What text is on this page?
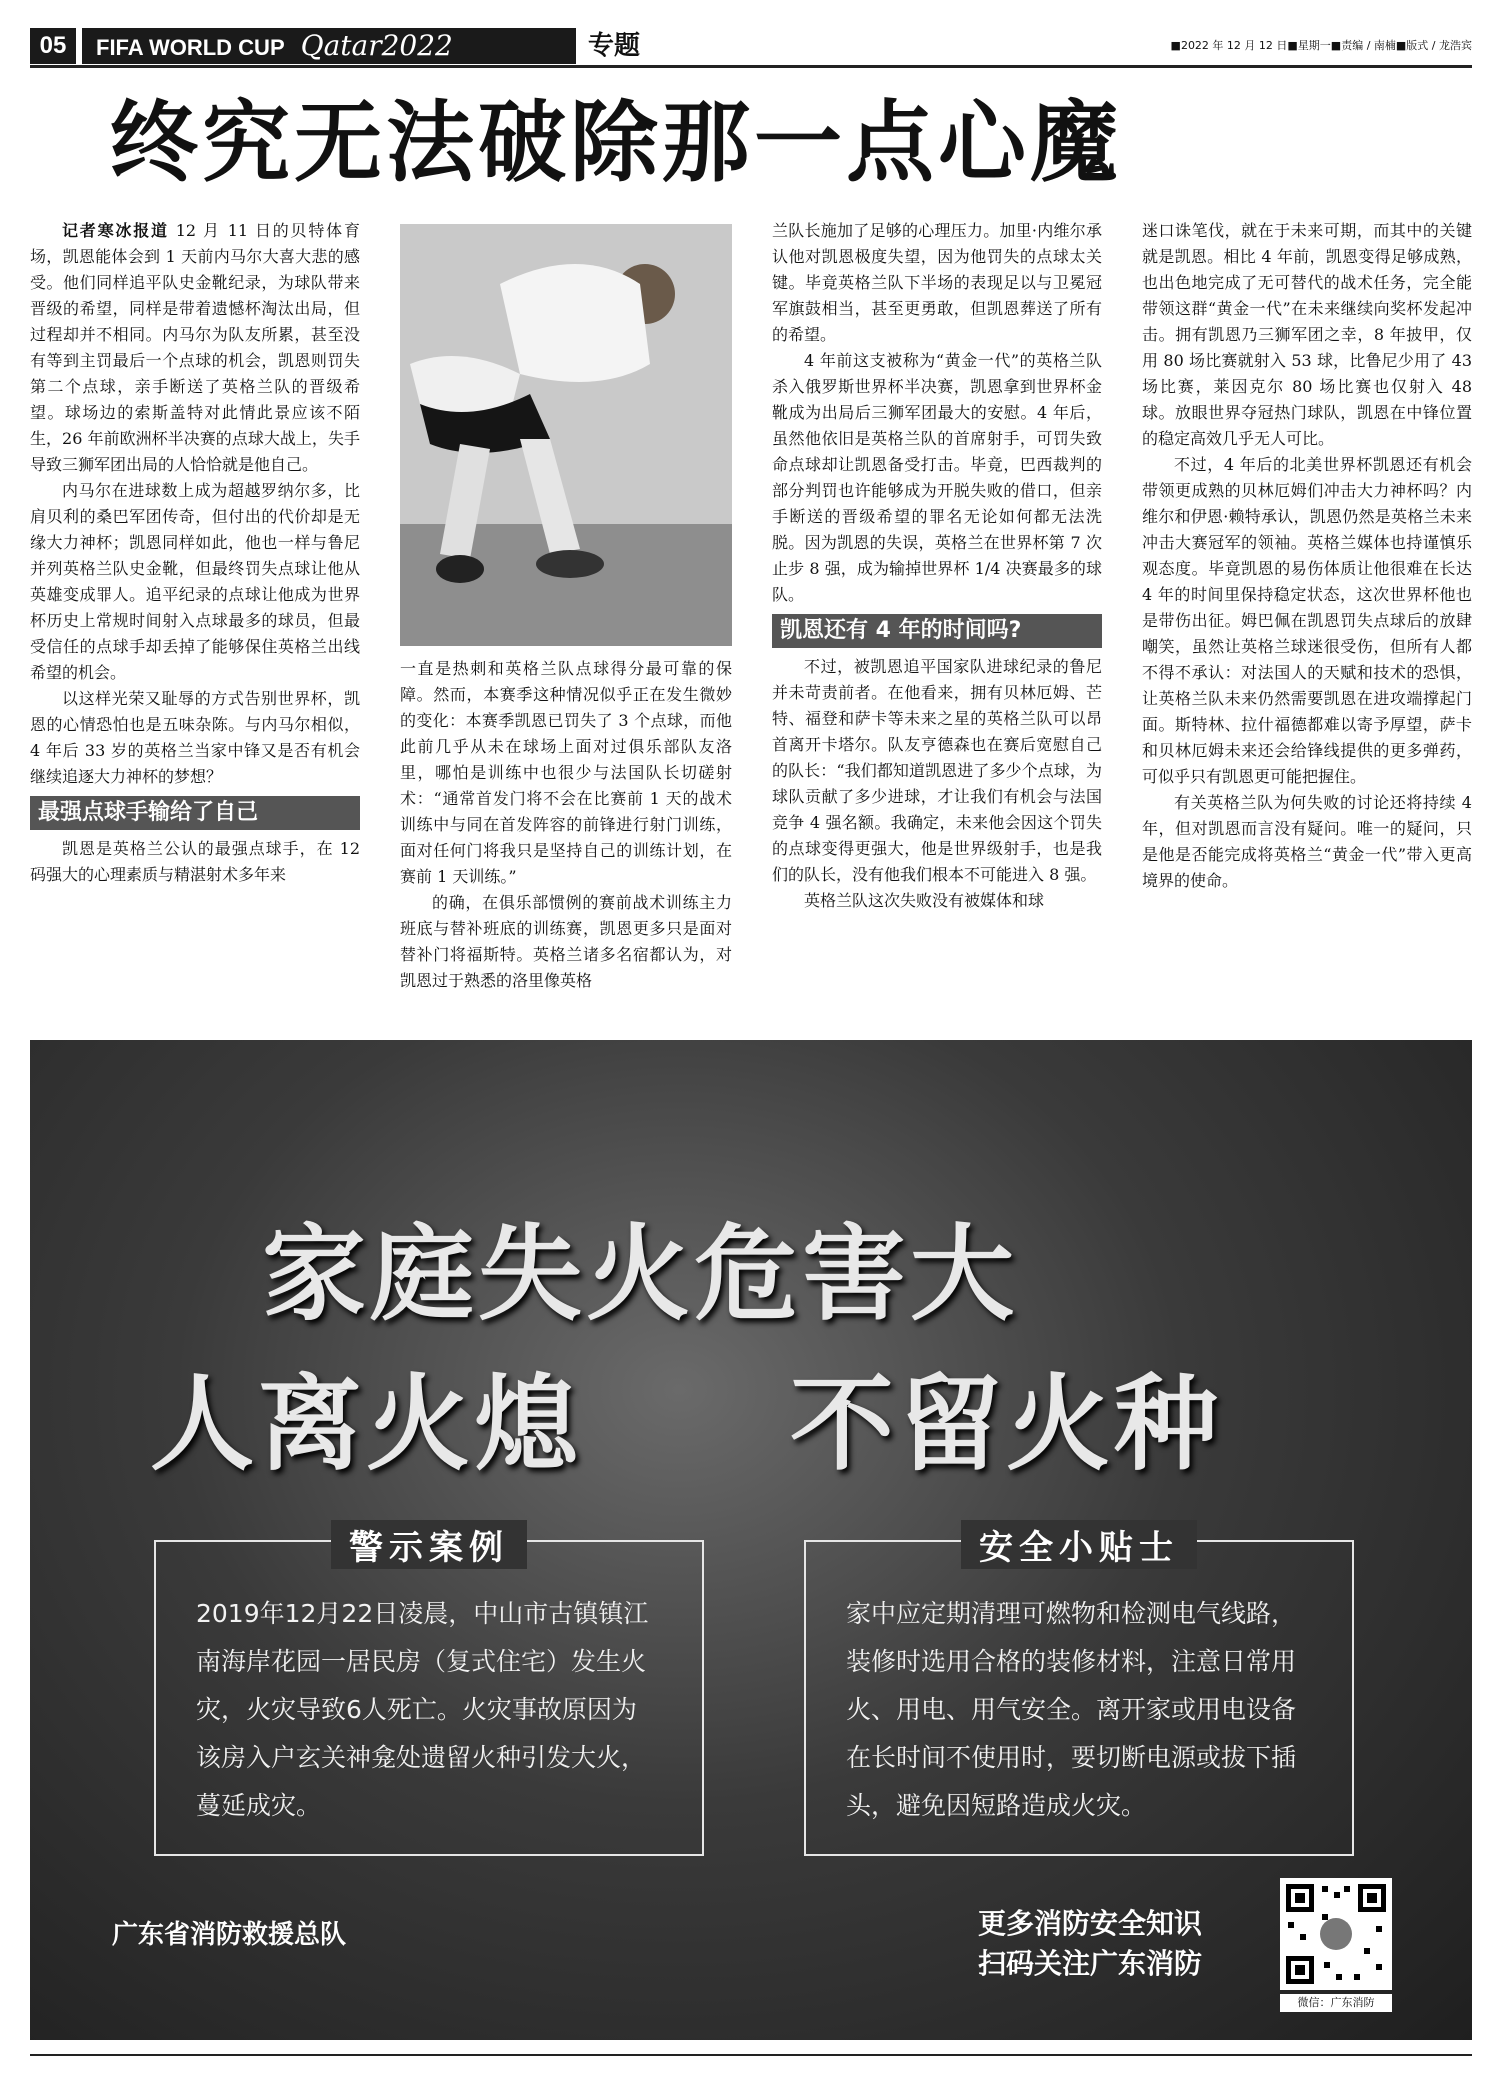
05	FIFA WORLD CUP Qatar2022	专题	■2022 年 12 月 12 日■星期一■责编 / 南楠■版式 / 龙浩宾
终究无法破除那一点心魔

记者寒冰报道 12 月 11 日的贝特体育场，凯恩能体会到 1 天前内马尔大喜大悲的感受。他们同样追平队史金靴纪录，为球队带来晋级的希望，同样是带着遗憾杯淘汰出局，但过程却并不相同。内马尔为队友所累，甚至没有等到主罚最后一个点球的机会，凯恩则罚失第二个点球，亲手断送了英格兰队的晋级希望。球场边的索斯盖特对此情此景应该不陌生，26 年前欧洲杯半决赛的点球大战上，失手导致三狮军团出局的人恰恰就是他自己。

内马尔在进球数上成为超越罗纳尔多，比肩贝利的桑巴军团传奇，但付出的代价却是无缘大力神杯；凯恩同样如此，他也一样与鲁尼并列英格兰队史金靴，但最终罚失点球让他从英雄变成罪人。追平纪录的点球让他成为世界杯历史上常规时间射入点球最多的球员，但最受信任的点球手却丢掉了能够保住英格兰出线希望的机会。

以这样光荣又耻辱的方式告别世界杯，凯恩的心情恐怕也是五味杂陈。与内马尔相似，4 年后 33 岁的英格兰当家中锋又是否有机会继续追逐大力神杯的梦想？

最强点球手输给了自己

凯恩是英格兰公认的最强点球手，在 12 码强大的心理素质与精湛射术多年来

一直是热刺和英格兰队点球得分最可靠的保障。然而，本赛季这种情况似乎正在发生微妙的变化：本赛季凯恩已罚失了 3 个点球，而他此前几乎从未在球场上面对过俱乐部队友洛里，哪怕是训练中也很少与法国队长切磋射术：“通常首发门将不会在比赛前 1 天的战术训练中与同在首发阵容的前锋进行射门训练，面对任何门将我只是坚持自己的训练计划，在赛前 1 天训练。”

的确，在俱乐部惯例的赛前战术训练主力班底与替补班底的训练赛，凯恩更多只是面对替补门将福斯特。英格兰诸多名宿都认为，对凯恩过于熟悉的洛里像英格

兰队长施加了足够的心理压力。加里·内维尔承认他对凯恩极度失望，因为他罚失的点球太关键。毕竟英格兰队下半场的表现足以与卫冕冠军旗鼓相当，甚至更勇敢，但凯恩葬送了所有的希望。

4 年前这支被称为“黄金一代”的英格兰队杀入俄罗斯世界杯半决赛，凯恩拿到世界杯金靴成为出局后三狮军团最大的安慰。4 年后，虽然他依旧是英格兰队的首席射手，可罚失致命点球却让凯恩备受打击。毕竟，巴西裁判的部分判罚也许能够成为开脱失败的借口，但亲手断送的晋级希望的罪名无论如何都无法洗脱。因为凯恩的失误，英格兰在世界杯第 7 次止步 8 强，成为输掉世界杯 1/4 决赛最多的球队。

凯恩还有 4 年的时间吗?

不过，被凯恩追平国家队进球纪录的鲁尼并未苛责前者。在他看来，拥有贝林厄姆、芒特、福登和萨卡等未来之星的英格兰队可以昂首离开卡塔尔。队友亨德森也在赛后宽慰自己的队长：“我们都知道凯恩进了多少个点球，为球队贡献了多少进球，才让我们有机会与法国竞争 4 强名额。我确定，未来他会因这个罚失的点球变得更强大，他是世界级射手，也是我们的队长，没有他我们根本不可能进入 8 强。

英格兰队这次失败没有被媒体和球

迷口诛笔伐，就在于未来可期，而其中的关键就是凯恩。相比 4 年前，凯恩变得足够成熟，也出色地完成了无可替代的战术任务，完全能带领这群“黄金一代”在未来继续向奖杯发起冲击。拥有凯恩乃三狮军团之幸，8 年披甲，仅用 80 场比赛就射入 53 球，比鲁尼少用了 43 场比赛，莱因克尔 80 场比赛也仅射入 48 球。放眼世界夺冠热门球队，凯恩在中锋位置的稳定高效几乎无人可比。

不过，4 年后的北美世界杯凯恩还有机会带领更成熟的贝林厄姆们冲击大力神杯吗？内维尔和伊恩·赖特承认，凯恩仍然是英格兰未来冲击大赛冠军的领袖。英格兰媒体也持谨慎乐观态度。毕竟凯恩的易伤体质让他很难在长达 4 年的时间里保持稳定状态，这次世界杯他也是带伤出征。姆巴佩在凯恩罚失点球后的放肆嘲笑，虽然让英格兰球迷很受伤，但所有人都不得不承认：对法国人的天赋和技术的恐惧，让英格兰队未来仍然需要凯恩在进攻端撑起门面。斯特林、拉什福德都难以寄予厚望，萨卡和贝林厄姆未来还会给锋线提供的更多弹药，可似乎只有凯恩更可能把握住。

有关英格兰队为何失败的讨论还将持续 4 年，但对凯恩而言没有疑问。唯一的疑问，只是他是否能完成将英格兰“黄金一代”带入更高境界的使命。

家庭失火危害大
人离火熄 不留火种
警示案例
2019年12月22日凌晨，中山市古镇镇江南海岸花园一居民房（复式住宅）发生火灾，火灾导致6人死亡。火灾事故原因为该房入户玄关神龛处遗留火种引发大火，蔓延成灾。
安全小贴士
家中应定期清理可燃物和检测电气线路，装修时选用合格的装修材料，注意日常用火、用电、用气安全。离开家或用电设备在长时间不使用时，要切断电源或拔下插头，避免因短路造成火灾。
广东省消防救援总队	更多消防安全知识
扫码关注广东消防
微信：广东消防
